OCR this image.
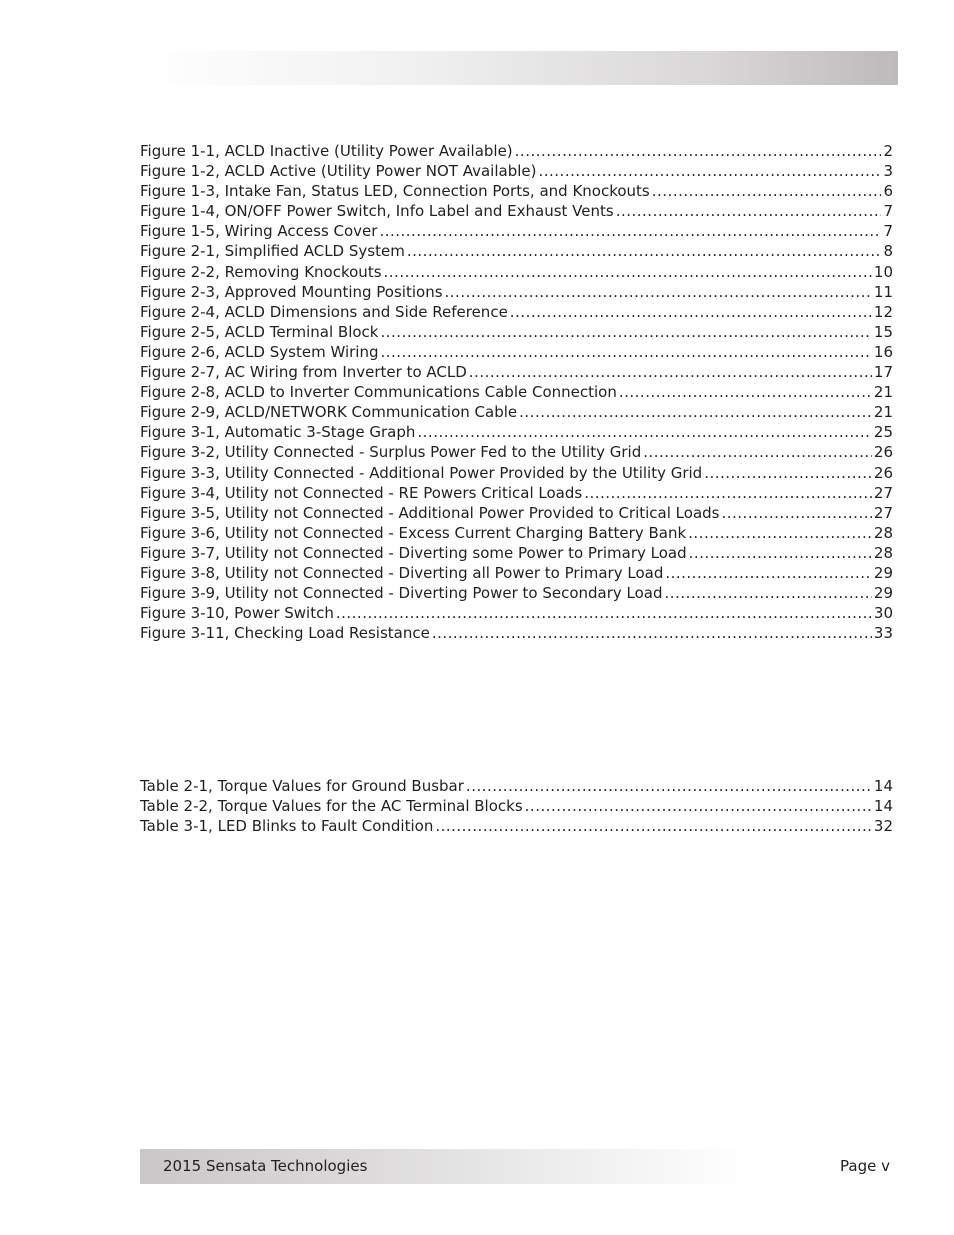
Figure 1-1, ACLD Inactive (Utility Power Available) .....	2
Figure 1-2, ACLD Active (Utility Power NOT Available) .....	3
Figure 1-3, Intake Fan, Status LED, Connection Ports, and Knockouts .....	6
Figure 1-4, ON/OFF Power Switch, Info Label and Exhaust Vents .....	7
Figure 1-5, Wiring Access Cover .....	7
Figure 2-1, Simplified ACLD System .....	8
Figure 2-2, Removing Knockouts .....	10
Figure 2-3, Approved Mounting Positions .....	11
Figure 2-4, ACLD Dimensions and Side Reference .....	12
Figure 2-5, ACLD Terminal Block .....	15
Figure 2-6, ACLD System Wiring .....	16
Figure 2-7, AC Wiring from Inverter to ACLD .....	17
Figure 2-8, ACLD to Inverter Communications Cable Connection .....	21
Figure 2-9, ACLD/NETWORK Communication Cable .....	21
Figure 3-1, Automatic 3-Stage Graph .....	25
Figure 3-2, Utility Connected - Surplus Power Fed to the Utility Grid .....	26
Figure 3-3, Utility Connected - Additional Power Provided by the Utility Grid .....	26
Figure 3-4, Utility not Connected - RE Powers Critical Loads .....	27
Figure 3-5, Utility not Connected - Additional Power Provided to Critical Loads .....	27
Figure 3-6, Utility not Connected - Excess Current Charging Battery Bank .....	28
Figure 3-7, Utility not Connected - Diverting some Power to Primary Load .....	28
Figure 3-8, Utility not Connected - Diverting all Power to Primary Load .....	29
Figure 3-9, Utility not Connected - Diverting Power to Secondary Load .....	29
Figure 3-10, Power Switch .....	30
Figure 3-11, Checking Load Resistance .....	33
Table 2-1, Torque Values for Ground Busbar .....	14
Table 2-2, Torque Values for the AC Terminal Blocks .....	14
Table 3-1, LED Blinks to Fault Condition .....	32
2015 Sensata Technologies	Page v
